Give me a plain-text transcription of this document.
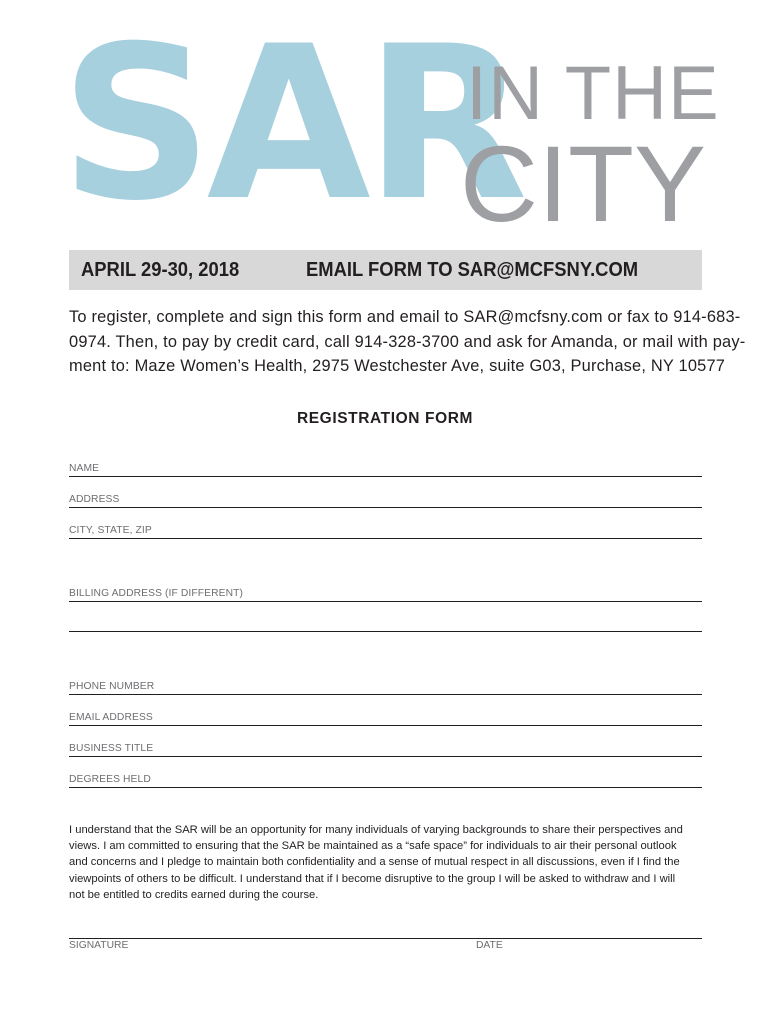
SAR
IN THE
CITY
APRIL 29-30, 2018	EMAIL FORM TO SAR@MCFSNY.COM
To register, complete and sign this form and email to SAR@mcfsny.com or fax to 914-683-
0974. Then, to pay by credit card, call 914-328-3700 and ask for Amanda, or mail with pay-
ment to: Maze Women’s Health, 2975 Westchester Ave, suite G03, Purchase, NY 10577
REGISTRATION FORM
NAME
ADDRESS
CITY, STATE, ZIP
BILLING ADDRESS (IF DIFFERENT)
PHONE NUMBER
EMAIL ADDRESS
BUSINESS TITLE
DEGREES HELD
I understand that the SAR will be an opportunity for many individuals of varying backgrounds to share their perspectives and
views. I am committed to ensuring that the SAR be maintained as a “safe space” for individuals to air their personal outlook
and concerns and I pledge to maintain both confidentiality and a sense of mutual respect in all discussions, even if I find the
viewpoints of others to be difficult. I understand that if I become disruptive to the group I will be asked to withdraw and I will
not be entitled to credits earned during the course.
SIGNATURE	DATE
